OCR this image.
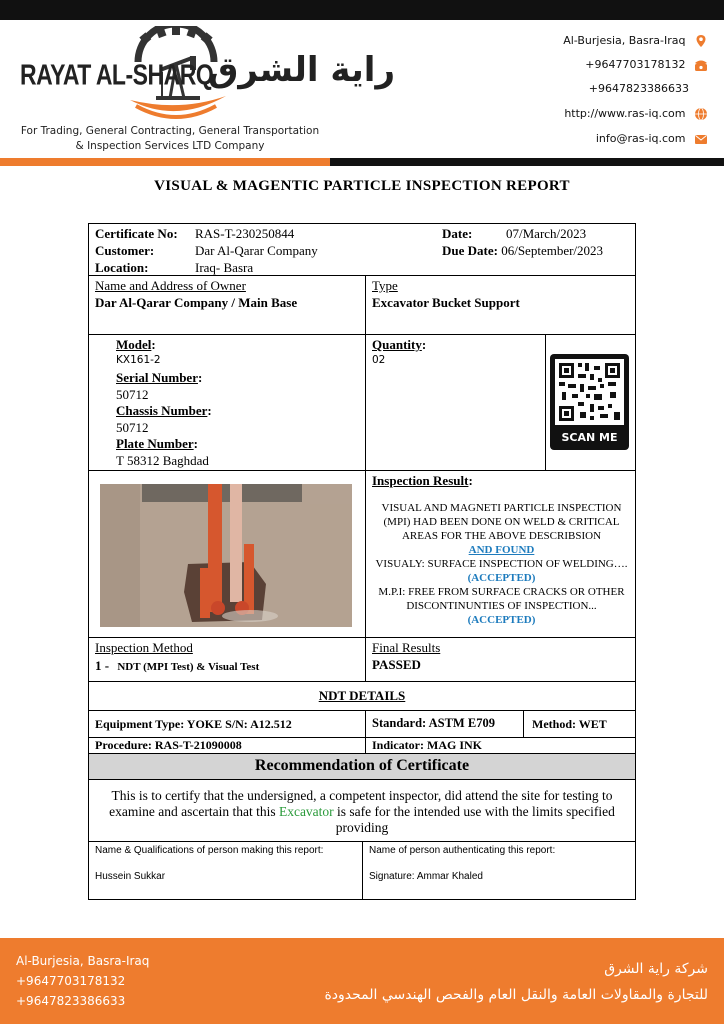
RAYAT AL-SHARQ
راية الشرق
For Trading, General Contracting, General Transportation
& Inspection Services LTD Company
Al-Burjesia, Basra-Iraq
+9647703178132
+9647823386633
http://www.ras-iq.com
info@ras-iq.com
VISUAL & MAGENTIC PARTICLE INSPECTION REPORT
Certificate No: RAS-T-230250844
Customer:	Dar Al-Qarar Company
Location:	Iraq- Basra
Date:	07/March/2023
Due Date: 06/September/2023
Name and Address of Owner
Dar Al-Qarar Company / Main Base
Type
Excavator Bucket Support
Model:
KX161-2
Serial Number:
50712
Chassis Number:
50712
Plate Number:
T 58312 Baghdad
Quantity:
02
SCAN ME
Inspection Result:
VISUAL AND MAGNETI PARTICLE INSPECTION (MPI) HAD BEEN DONE ON WELD & CRITICAL AREAS FOR THE ABOVE DESCRIBSION
AND FOUND
VISUALY: SURFACE INSPECTION OF WELDING…. (ACCEPTED)
M.P.I: FREE FROM SURFACE CRACKS OR OTHER DISCONTINUNTIES OF INSPECTION...
(ACCEPTED)
Inspection Method
1 - NDT (MPI Test) & Visual Test
Final Results
PASSED
NDT DETAILS
Equipment Type: YOKE S/N: A12.512	Standard: ASTM E709	Method: WET
Procedure: RAS-T-21090008	Indicator: MAG INK
Recommendation of Certificate
This is to certify that the undersigned, a competent inspector, did attend the site for testing to examine and ascertain that this Excavator is safe for the intended use with the limits specified providing
Name & Qualifications of person making this report:
Hussein Sukkar
Name of person authenticating this report:
Signature: Ammar Khaled
Al-Burjesia, Basra-Iraq
+9647703178132
+9647823386633
شركة راية الشرق
للتجارة والمقاولات العامة والنقل العام والفحص الهندسي المحدودة
